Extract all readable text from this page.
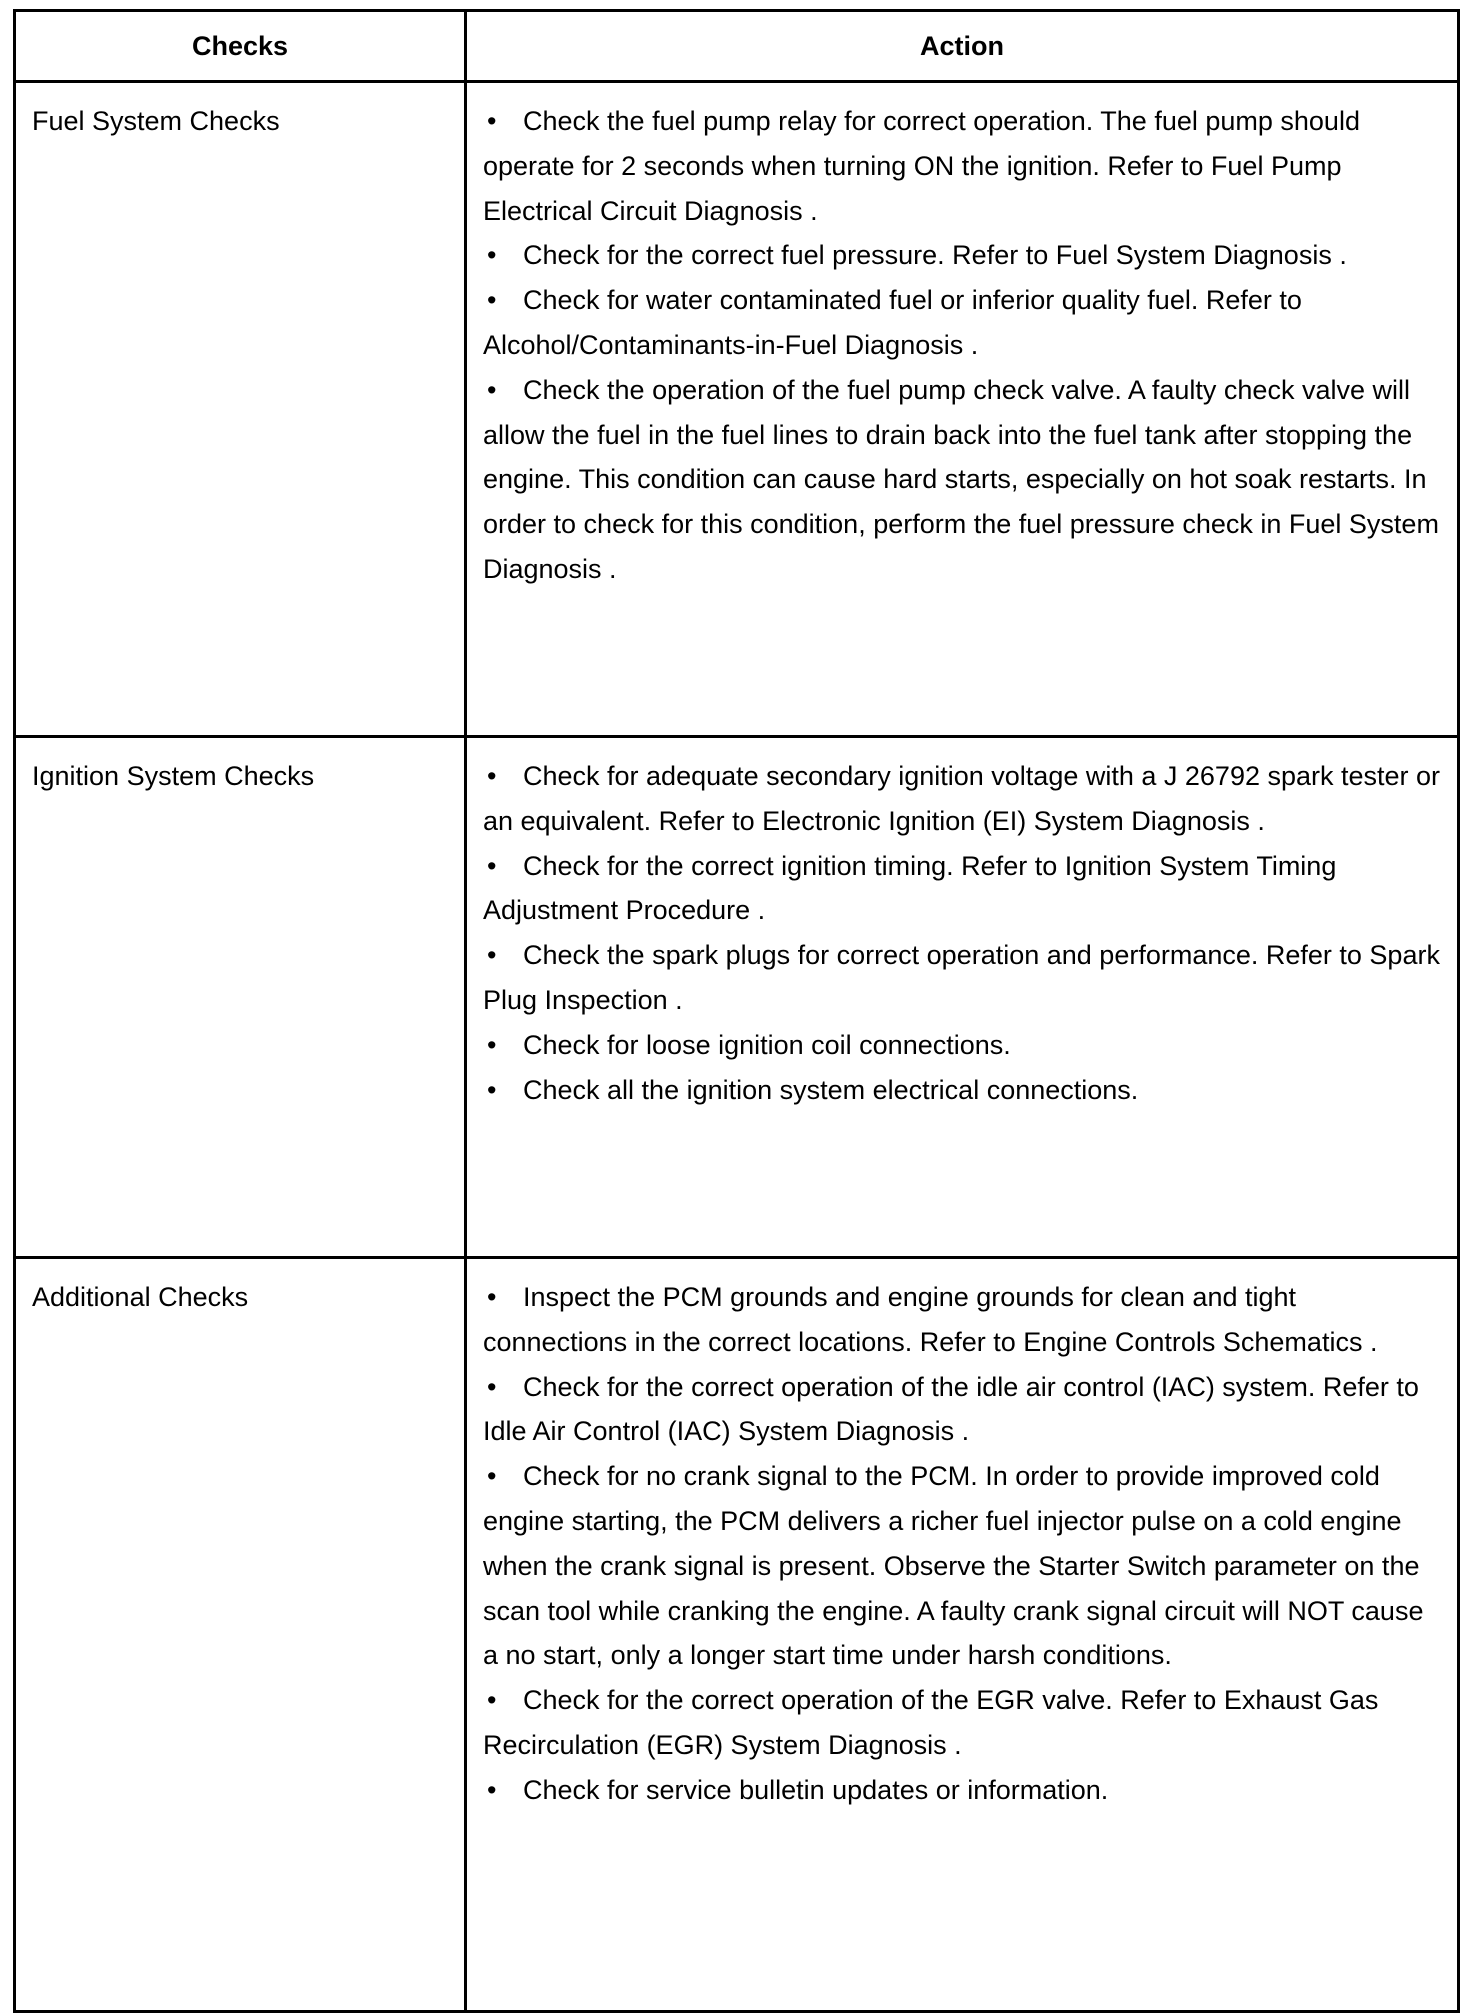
Checks	Action
Fuel System Checks	• Check the fuel pump relay for correct operation. The fuel pump should operate for 2 seconds when turning ON the ignition. Refer to Fuel Pump Electrical Circuit Diagnosis .
• Check for the correct fuel pressure. Refer to Fuel System Diagnosis .
• Check for water contaminated fuel or inferior quality fuel. Refer to Alcohol/Contaminants-in-Fuel Diagnosis .
• Check the operation of the fuel pump check valve. A faulty check valve will allow the fuel in the fuel lines to drain back into the fuel tank after stopping the engine. This condition can cause hard starts, especially on hot soak restarts. In order to check for this condition, perform the fuel pressure check in Fuel System Diagnosis .

Ignition System Checks	• Check for adequate secondary ignition voltage with a J 26792 spark tester or an equivalent. Refer to Electronic Ignition (EI) System Diagnosis .
• Check for the correct ignition timing. Refer to Ignition System Timing Adjustment Procedure .
• Check the spark plugs for correct operation and performance. Refer to Spark Plug Inspection .
• Check for loose ignition coil connections.
• Check all the ignition system electrical connections.

Additional Checks	• Inspect the PCM grounds and engine grounds for clean and tight connections in the correct locations. Refer to Engine Controls Schematics .
• Check for the correct operation of the idle air control (IAC) system. Refer to Idle Air Control (IAC) System Diagnosis .
• Check for no crank signal to the PCM. In order to provide improved cold engine starting, the PCM delivers a richer fuel injector pulse on a cold engine when the crank signal is present. Observe the Starter Switch parameter on the scan tool while cranking the engine. A faulty crank signal circuit will NOT cause a no start, only a longer start time under harsh conditions.
• Check for the correct operation of the EGR valve. Refer to Exhaust Gas Recirculation (EGR) System Diagnosis .
• Check for service bulletin updates or information.
